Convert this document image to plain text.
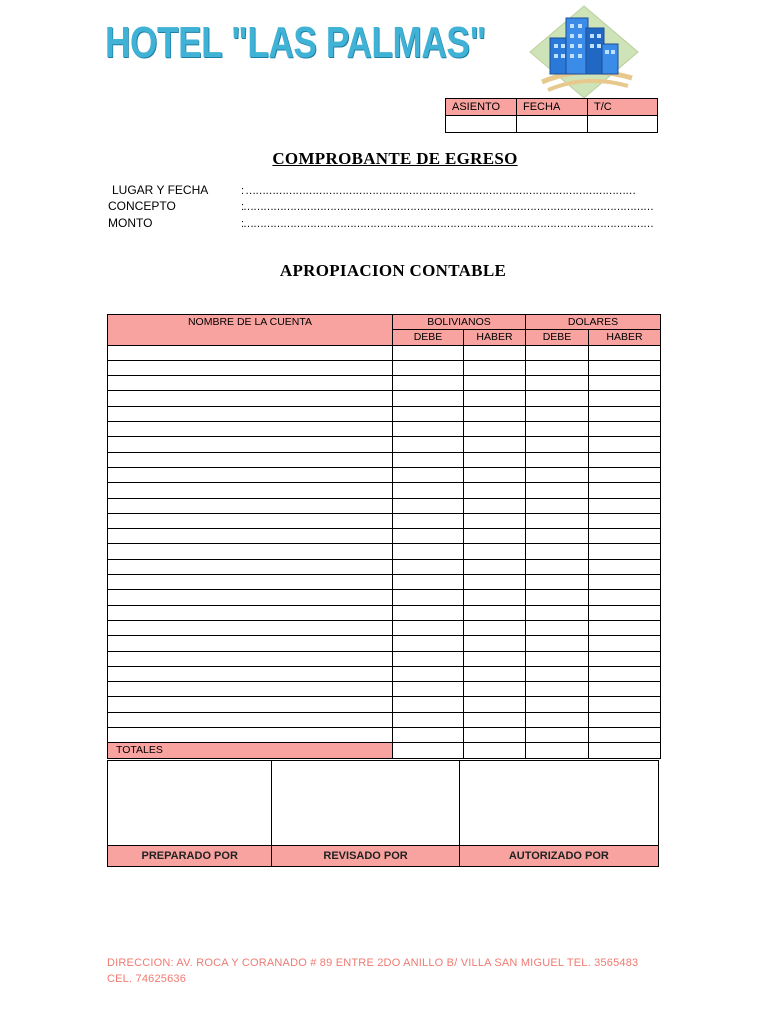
HOTEL "LAS PALMAS"
ASIENTO	FECHA	T/C

COMPROBANTE DE EGRESO
LUGAR Y FECHA	: ………………………………………………………………………………………………………
CONCEPTO	:……………………………………………………………………………………………………………
MONTO	:……………………………………………………………………………………………………………
APROPIACION CONTABLE
NOMBRE DE LA CUENTA	BOLIVIANOS		DOLARES	
	DEBE	HABER	DEBE	HABER

TOTALES				

PREPARADO POR	REVISADO POR	AUTORIZADO POR
DIRECCION: AV. ROCA Y CORANADO # 89 ENTRE 2DO ANILLO B/ VILLA SAN MIGUEL TEL. 3565483
CEL. 74625636
